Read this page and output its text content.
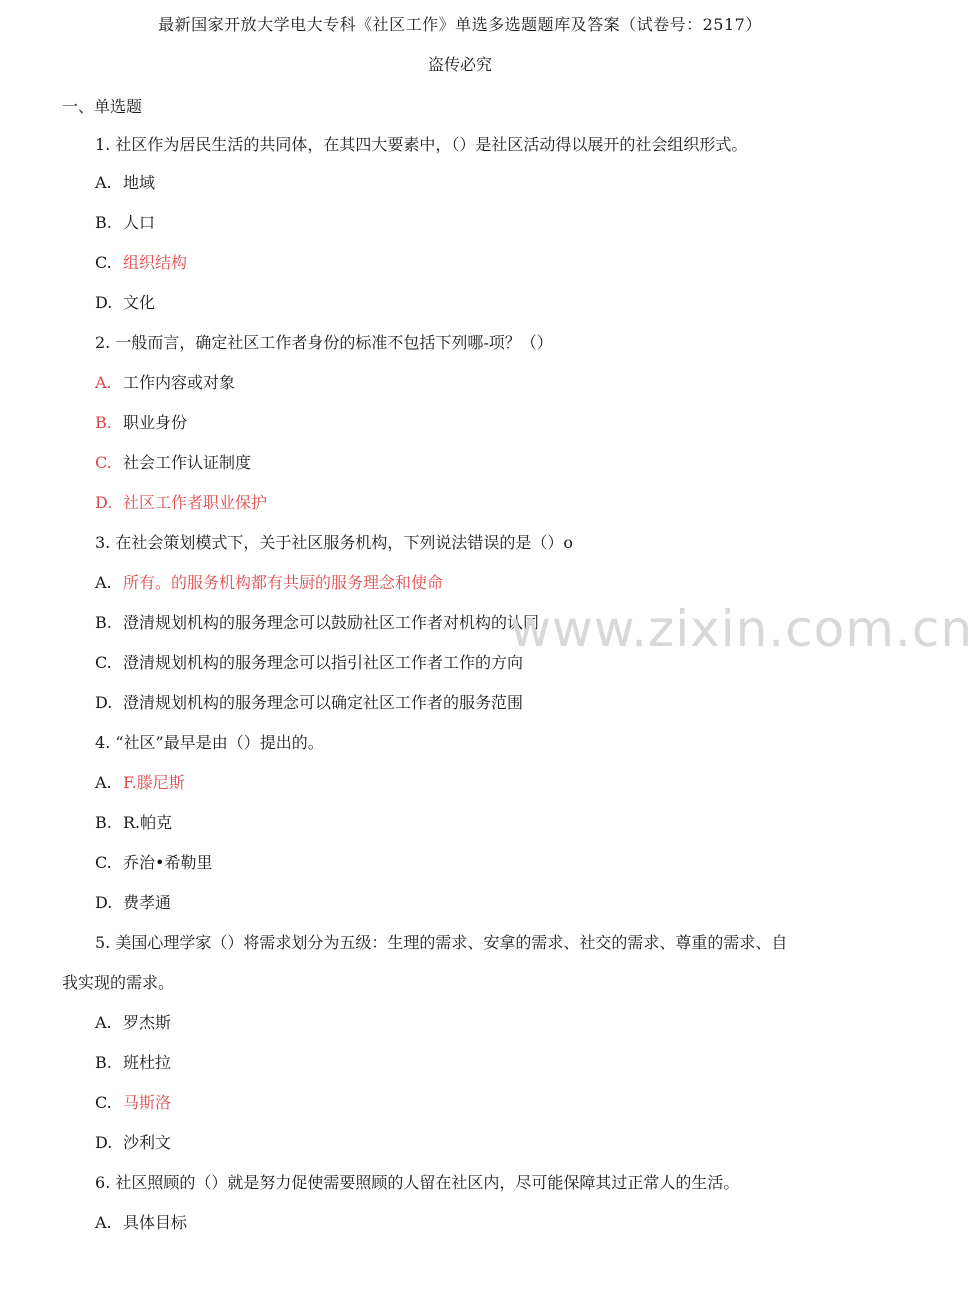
最新国家开放大学电大专科《社区工作》单选多选题题库及答案（试卷号：2517）
盗传必究
一、单选题
1. 社区作为居民生活的共同体，在其四大要素中，（）是社区活动得以展开的社会组织形式。
A. 地域
B. 人口
C. 组织结构
D. 文化
2. 一般而言，确定社区工作者身份的标准不包括下列哪-项？（）
A. 工作内容或对象
B. 职业身份
C. 社会工作认证制度
D. 社区工作者职业保护
3. 在社会策划模式下，关于社区服务机构，下列说法错误的是（）o
A. 所有。的服务机构都有共厨的服务理念和使命
B. 澄清规划机构的服务理念可以鼓励社区工作者对机构的认同
C. 澄清规划机构的服务理念可以指引社区工作者工作的方向
D. 澄清规划机构的服务理念可以确定社区工作者的服务范围
4. “社区”最早是由（）提出的。
A. F.滕尼斯
B. R.帕克
C. 乔治•希勒里
D. 费孝通
5. 美国心理学家（）将需求划分为五级：生理的需求、安拿的需求、社交的需求、尊重的需求、自
我实现的需求。
A. 罗杰斯
B. 班杜拉
C. 马斯洛
D. 沙利文
6. 社区照顾的（）就是努力促使需要照顾的人留在社区内，尽可能保障其过正常人的生活。
A. 具体目标
www.zixin.com.cn
